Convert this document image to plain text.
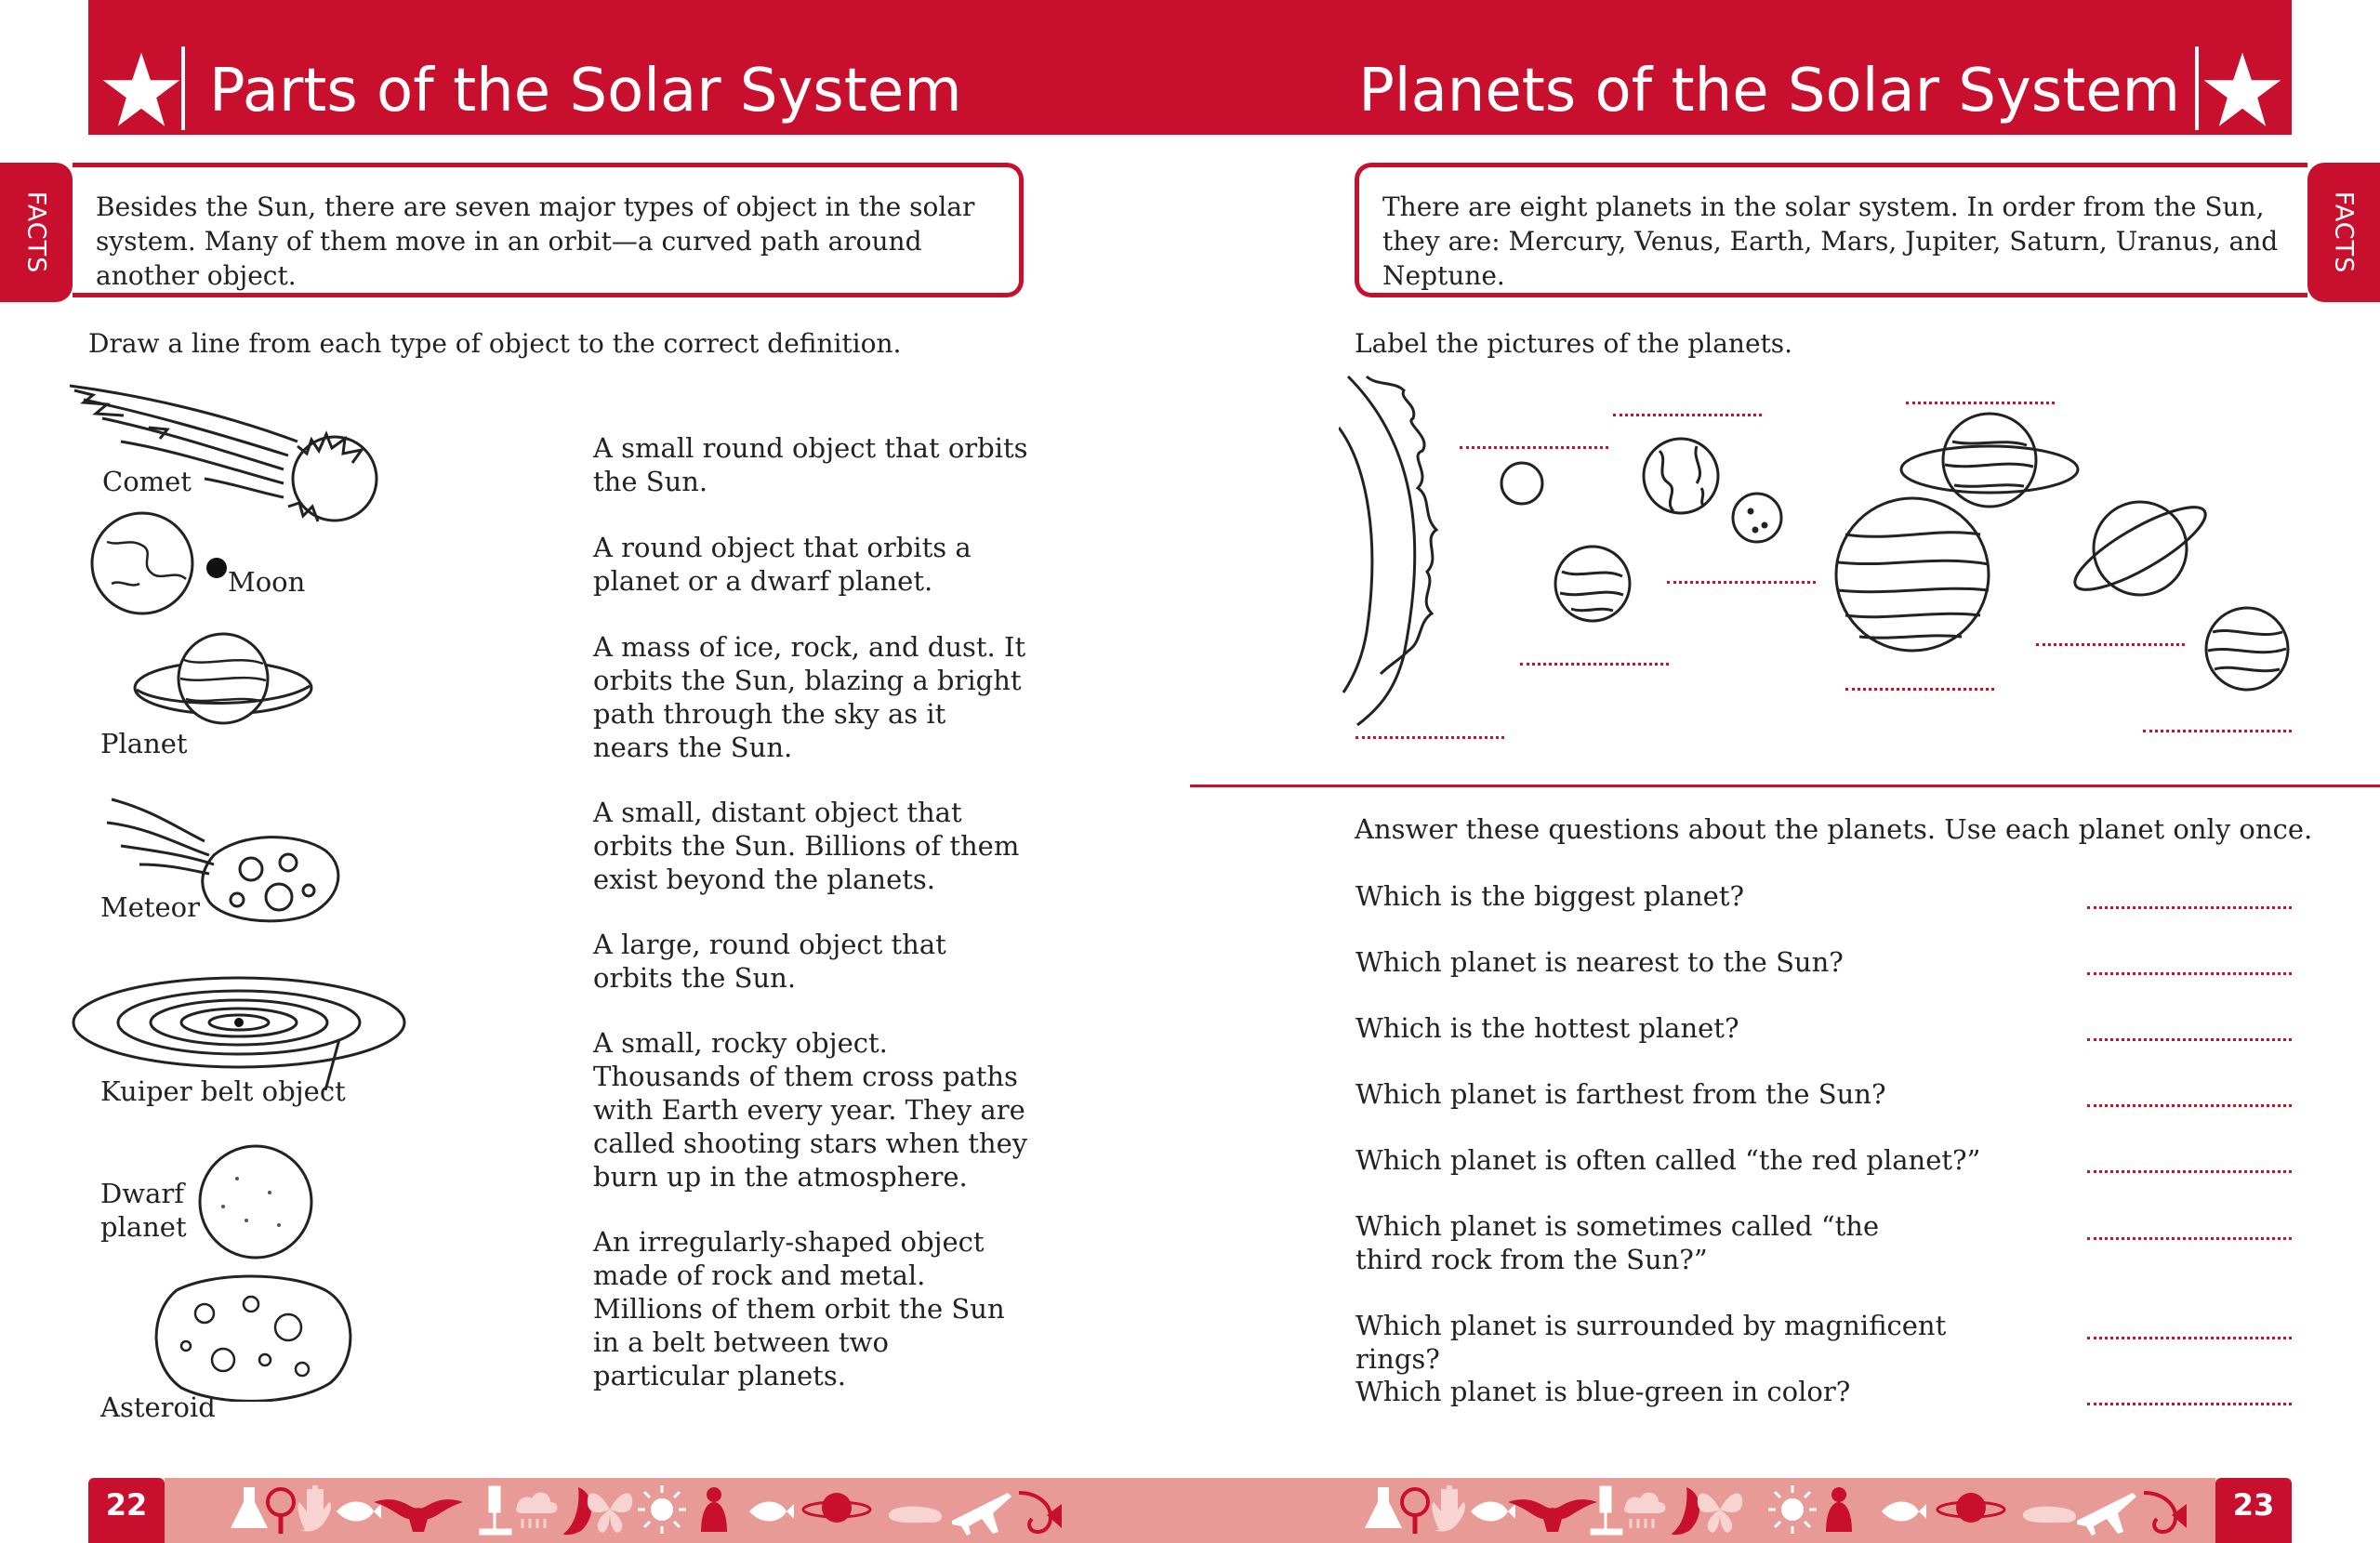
Parts of the Solar System
FACTS Besides the Sun, there are seven major types of object in the solar system. Many of them move in an orbit—a curved path around another object.

Draw a line from each type of object to the correct definition.
Comet
Moon
Planet
Meteor
Kuiper belt object
Dwarf
planet
Asteroid
A small round object that orbits the Sun.
A round object that orbits a planet or a dwarf planet.
A mass of ice, rock, and dust. It orbits the Sun, blazing a bright path through the sky as it nears the Sun.
A small, distant object that orbits the Sun. Billions of them exist beyond the planets.
A large, round object that orbits the Sun.
A small, rocky object. Thousands of them cross paths with Earth every year. They are called shooting stars when they burn up in the atmosphere.
An irregularly-shaped object made of rock and metal. Millions of them orbit the Sun in a belt between two particular planets.
Planets of the Solar System

There are eight planets in the solar system. In order from the Sun, they are: Mercury, Venus, Earth, Mars, Jupiter, Saturn, Uranus, and Neptune.

FACTS
Label the pictures of the planets.
Answer these questions about the planets. Use each planet only once.
Which is the biggest planet?
Which planet is nearest to the Sun?
Which is the hottest planet?
Which planet is farthest from the Sun?
Which planet is often called “the red planet?”
Which planet is sometimes called “the third rock from the Sun?”
Which planet is surrounded by magnificent rings?
Which planet is blue-green in color?
22	23
